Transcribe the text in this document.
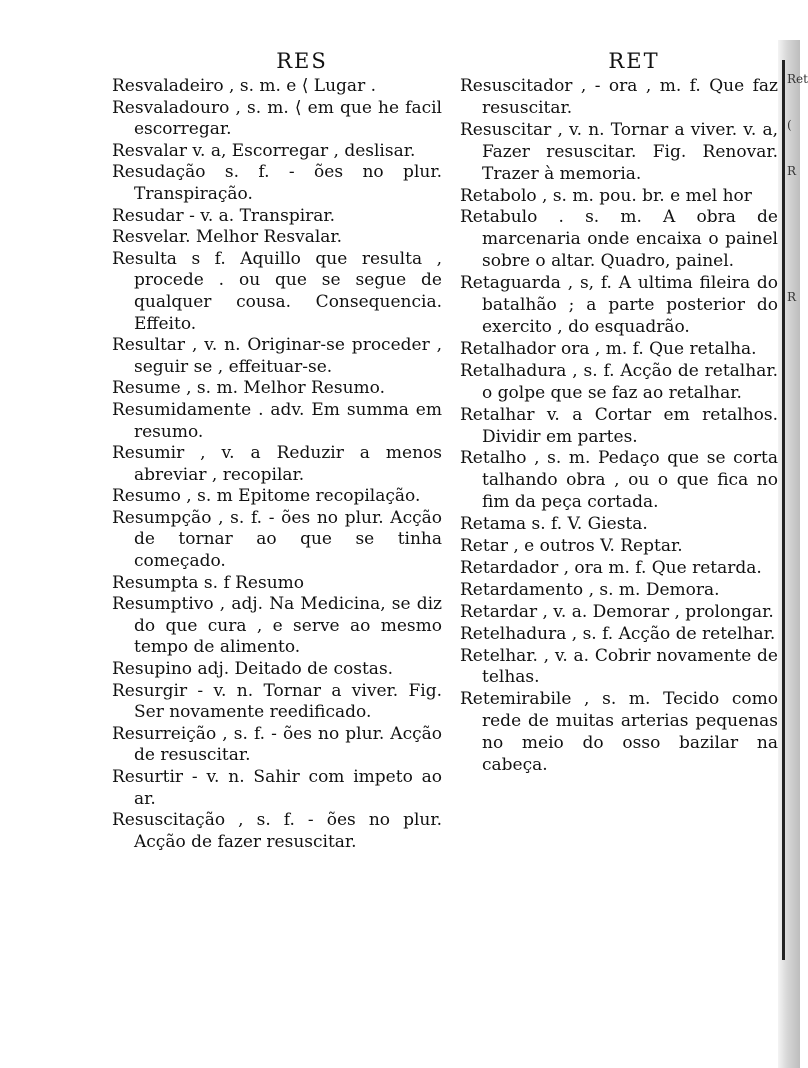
RES

Resvaladeiro , s. m. e ⟨ Lugar .

Resvaladouro , s. m. ⟨ em que he facil escorregar.

Resvalar v. a, Escorregar , deslisar.

Resudação s. f. - ões no plur. Transpiração.

Resudar - v. a. Transpirar.

Resvelar. Melhor Resvalar.

Resulta s f. Aquillo que resulta , procede . ou que se segue de qualquer cousa. Consequencia. Effeito.

Resultar , v. n. Originar-se proceder , seguir se , effeituar-se.

Resume , s. m. Melhor Resumo.

Resumidamente . adv. Em summa em resumo.

Resumir , v. a Reduzir a menos abreviar , recopilar.

Resumo , s. m Epitome recopilação.

Resumpção , s. f. - ões no plur. Acção de tornar ao que se tinha começado.

Resumpta s. f Resumo

Resumptivo , adj. Na Medicina, se diz do que cura , e serve ao mesmo tempo de alimento.

Resupino adj. Deitado de costas.

Resurgir - v. n. Tornar a viver. Fig. Ser novamente reedificado.

Resurreição , s. f. - ões no plur. Acção de resuscitar.

Resurtir - v. n. Sahir com impeto ao ar.

Resuscitação , s. f. - ões no plur. Acção de fazer resuscitar.

RET

Resuscitador , - ora , m. f. Que faz resuscitar.

Resuscitar , v. n. Tornar a viver. v. a, Fazer resuscitar. Fig. Renovar. Trazer à memoria.

Retabolo , s. m. pou. br. e mel hor

Retabulo . s. m. A obra de marcenaria onde encaixa o painel sobre o altar. Quadro, painel.

Retaguarda , s, f. A ultima fileira do batalhão ; a parte posterior do exercito , do esquadrão.

Retalhador ora , m. f. Que retalha.

Retalhadura , s. f. Acção de retalhar. o golpe que se faz ao retalhar.

Retalhar v. a Cortar em retalhos. Dividir em partes.

Retalho , s. m. Pedaço que se corta talhando obra , ou o que fica no fim da peça cortada.

Retama s. f. V. Giesta.

Retar , e outros V. Reptar.

Retardador , ora m. f. Que retarda.

Retardamento , s. m. Demora.

Retardar , v. a. Demorar , prolongar.

Retelhadura , s. f. Acção de retelhar.

Retelhar. , v. a. Cobrir novamente de telhas.

Retemirabile , s. m. Tecido como rede de muitas arterias pequenas no meio do osso bazilar na cabeça.

Ret
(
R
R
